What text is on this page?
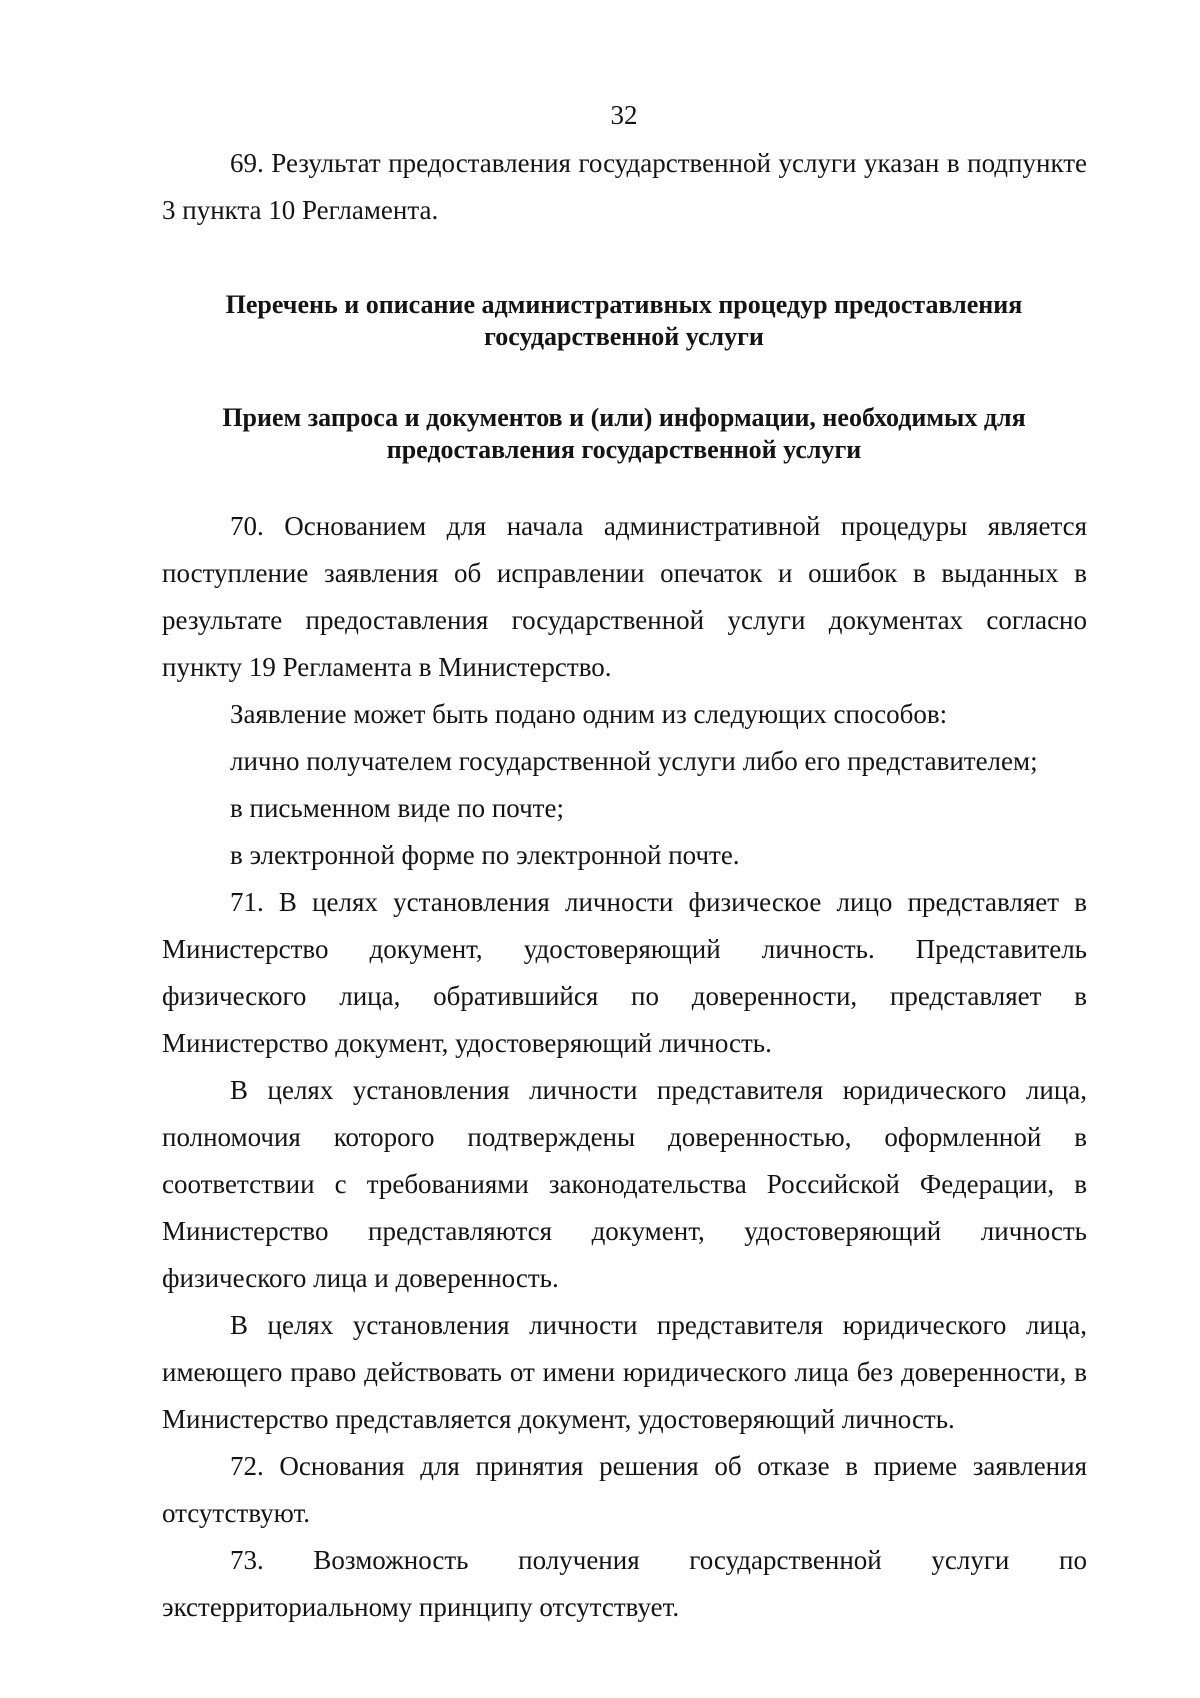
32

69. Результат предоставления государственной услуги указан в подпункте 3 пункта 10 Регламента.

Перечень и описание административных процедур предоставления
государственной услуги
Прием запроса и документов и (или) информации, необходимых для
предоставления государственной услуги

70. Основанием для начала административной процедуры является поступление заявления об исправлении опечаток и ошибок в выданных в результате предоставления государственной услуги документах согласно пункту 19 Регламента в Министерство.

Заявление может быть подано одним из следующих способов:

лично получателем государственной услуги либо его представителем;

в письменном виде по почте;

в электронной форме по электронной почте.

71. В целях установления личности физическое лицо представляет в Министерство документ, удостоверяющий личность. Представитель физического лица, обратившийся по доверенности, представляет в Министерство документ, удостоверяющий личность.

В целях установления личности представителя юридического лица, полномочия которого подтверждены доверенностью, оформленной в соответствии с требованиями законодательства Российской Федерации, в Министерство представляются документ, удостоверяющий личность физического лица и доверенность.

В целях установления личности представителя юридического лица, имеющего право действовать от имени юридического лица без доверенности, в Министерство представляется документ, удостоверяющий личность.

72. Основания для принятия решения об отказе в приеме заявления отсутствуют.

73. Возможность получения государственной услуги по экстерриториальному принципу отсутствует.
